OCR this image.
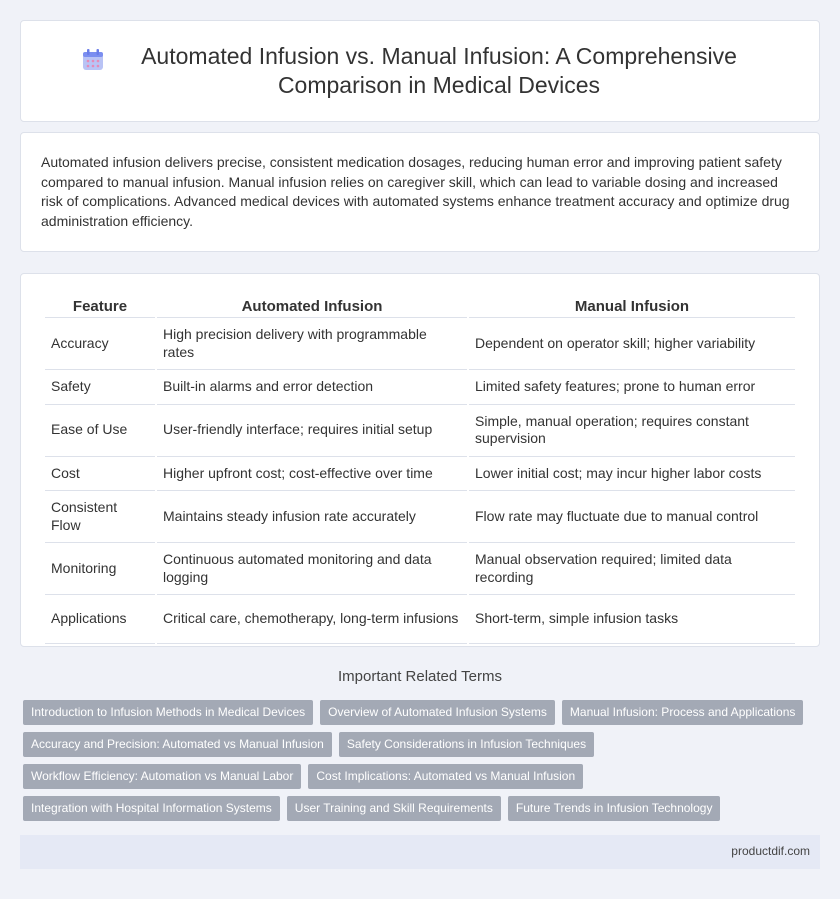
Automated Infusion vs. Manual Infusion: A Comprehensive Comparison in Medical Devices

Automated infusion delivers precise, consistent medication dosages, reducing human error and improving patient safety compared to manual infusion. Manual infusion relies on caregiver skill, which can lead to variable dosing and increased risk of complications. Advanced medical devices with automated systems enhance treatment accuracy and optimize drug administration efficiency.

Feature	Automated Infusion	Manual Infusion
Accuracy	High precision delivery with programmable rates	Dependent on operator skill; higher variability
Safety	Built-in alarms and error detection	Limited safety features; prone to human error
Ease of Use	User-friendly interface; requires initial setup	Simple, manual operation; requires constant supervision
Cost	Higher upfront cost; cost-effective over time	Lower initial cost; may incur higher labor costs
Consistent Flow	Maintains steady infusion rate accurately	Flow rate may fluctuate due to manual control
Monitoring	Continuous automated monitoring and data logging	Manual observation required; limited data recording
Applications	Critical care, chemotherapy, long-term infusions	Short-term, simple infusion tasks
Important Related Terms
Introduction to Infusion Methods in Medical Devices	Overview of Automated Infusion Systems	Manual Infusion: Process and Applications
Accuracy and Precision: Automated vs Manual Infusion	Safety Considerations in Infusion Techniques
Workflow Efficiency: Automation vs Manual Labor	Cost Implications: Automated vs Manual Infusion
Integration with Hospital Information Systems	User Training and Skill Requirements	Future Trends in Infusion Technology
productdif.com
